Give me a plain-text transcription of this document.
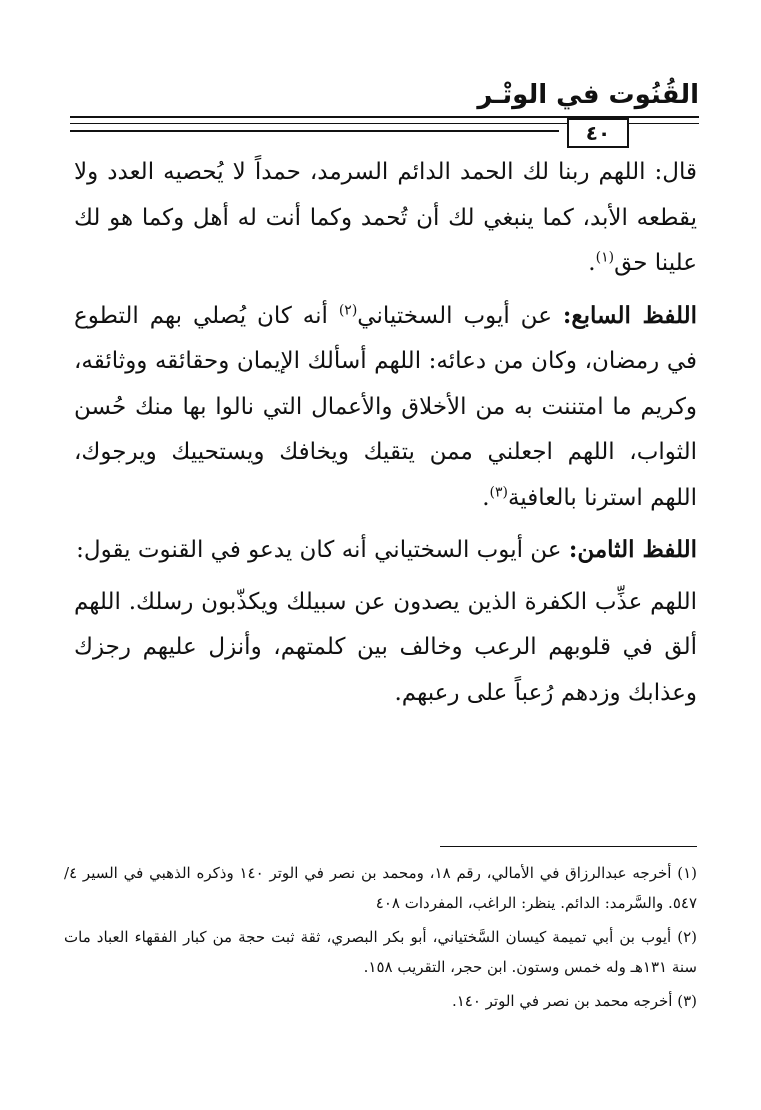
القُنُوت في الوتْـر
٤٠

قال: اللهم ربنا لك الحمد الدائم السرمد، حمداً لا يُحصيه العدد ولا يقطعه الأبد، كما ينبغي لك أن تُحمد وكما أنت له أهل وكما هو لك علينا حق$^{(١)}$.

اللفظ السابع: عن أيوب السختياني$^{(٢)}$ أنه كان يُصلي بهم التطوع في رمضان، وكان من دعائه: اللهم أسألك الإيمان وحقائقه ووثائقه، وكريم ما امتننت به من الأخلاق والأعمال التي نالوا بها منك حُسن الثواب، اللهم اجعلني ممن يتقيك ويخافك ويستحييك ويرجوك، اللهم استرنا بالعافية$^{(٣)}$.

اللفظ الثامن: عن أيوب السختياني أنه كان يدعو في القنوت يقول:

اللهم عذِّب الكفرة الذين يصدون عن سبيلك ويكذّبون رسلك. اللهم ألق في قلوبهم الرعب وخالف بين كلمتهم، وأنزل عليهم رجزك وعذابك وزدهم رُعباً على رعبهم.

(١) أخرجه عبدالرزاق في الأمالي، رقم ١٨، ومحمد بن نصر في الوتر ١٤٠ وذكره الذهبي في السير ٤/ ٥٤٧. والسَّرمد: الدائم. ينظر: الراغب، المفردات ٤٠٨

(٢) أيوب بن أبي تميمة كيسان السَّختياني، أبو بكر البصري، ثقة ثبت حجة من كبار الفقهاء العباد مات سنة ١٣١هـ وله خمس وستون. ابن حجر، التقريب ١٥٨.

(٣) أخرجه محمد بن نصر في الوتر ١٤٠.
